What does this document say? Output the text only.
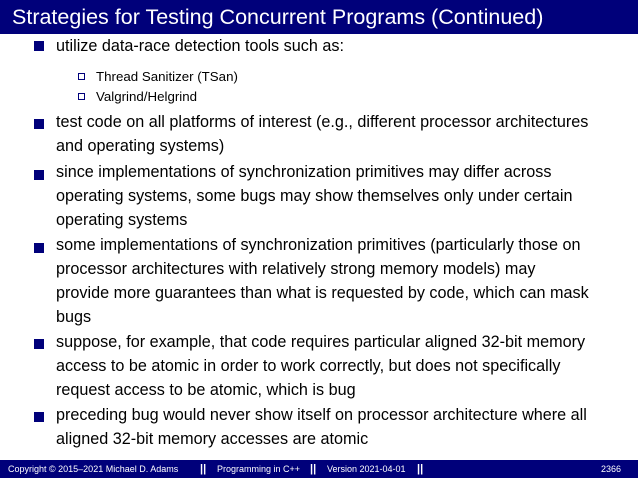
Strategies for Testing Concurrent Programs (Continued)
utilize data-race detection tools such as:
Thread Sanitizer (TSan)
Valgrind/Helgrind
test code on all platforms of interest (e.g., different processor architectures
and operating systems)
since implementations of synchronization primitives may differ across
operating systems, some bugs may show themselves only under certain
operating systems
some implementations of synchronization primitives (particularly those on
processor architectures with relatively strong memory models) may
provide more guarantees than what is requested by code, which can mask
bugs
suppose, for example, that code requires particular aligned 32-bit memory
access to be atomic in order to work correctly, but does not specifically
request access to be atomic, which is bug
preceding bug would never show itself on processor architecture where all
aligned 32-bit memory accesses are atomic
Copyright © 2015–2021 Michael D. Adams || Programming in C++ || Version 2021-04-01 ||	2366
